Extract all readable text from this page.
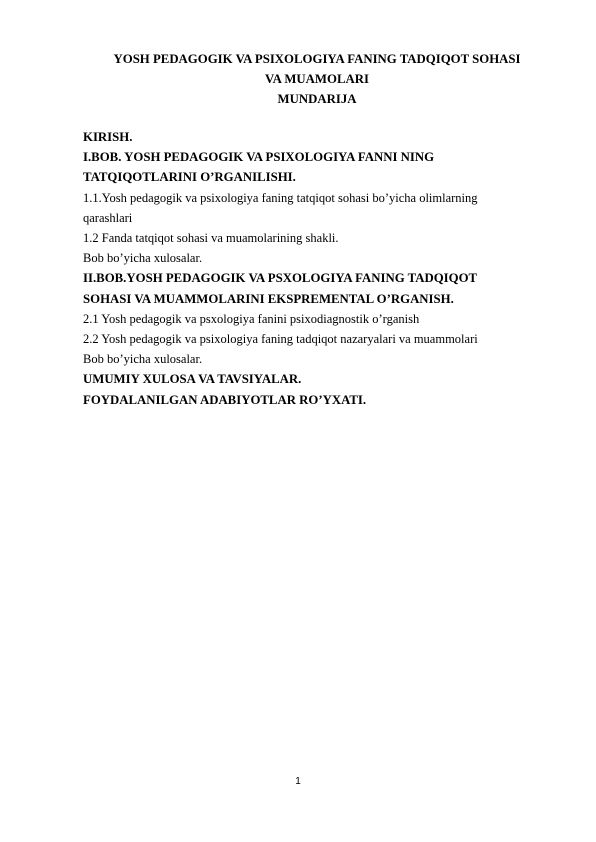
YOSH PEDAGOGIK VA PSIXOLOGIYA FANING TADQIQOT SOHASI
VA MUAMOLARI
MUNDARIJA
KIRISH.
I.BOB. YOSH PEDAGOGIK VA PSIXOLOGIYA FANNI NING
TATQIQOTLARINI O’RGANILISHI.
1.1.Yosh pedagogik va psixologiya faning tatqiqot sohasi bo’yicha olimlarning
qarashlari
1.2 Fanda tatqiqot sohasi va muamolarining shakli.
Bob bo’yicha xulosalar.
II.BOB.YOSH PEDAGOGIK VA PSXOLOGIYA FANING TADQIQOT
SOHASI VA MUAMMOLARINI EKSPREMENTAL O’RGANISH.
2.1 Yosh pedagogik va psxologiya fanini psixodiagnostik o’rganish
2.2 Yosh pedagogik va psixologiya faning tadqiqot nazaryalari va muammolari
Bob bo’yicha xulosalar.
UMUMIY XULOSA VA TAVSIYALAR.
FOYDALANILGAN ADABIYOTLAR RO’YXATI.
1
